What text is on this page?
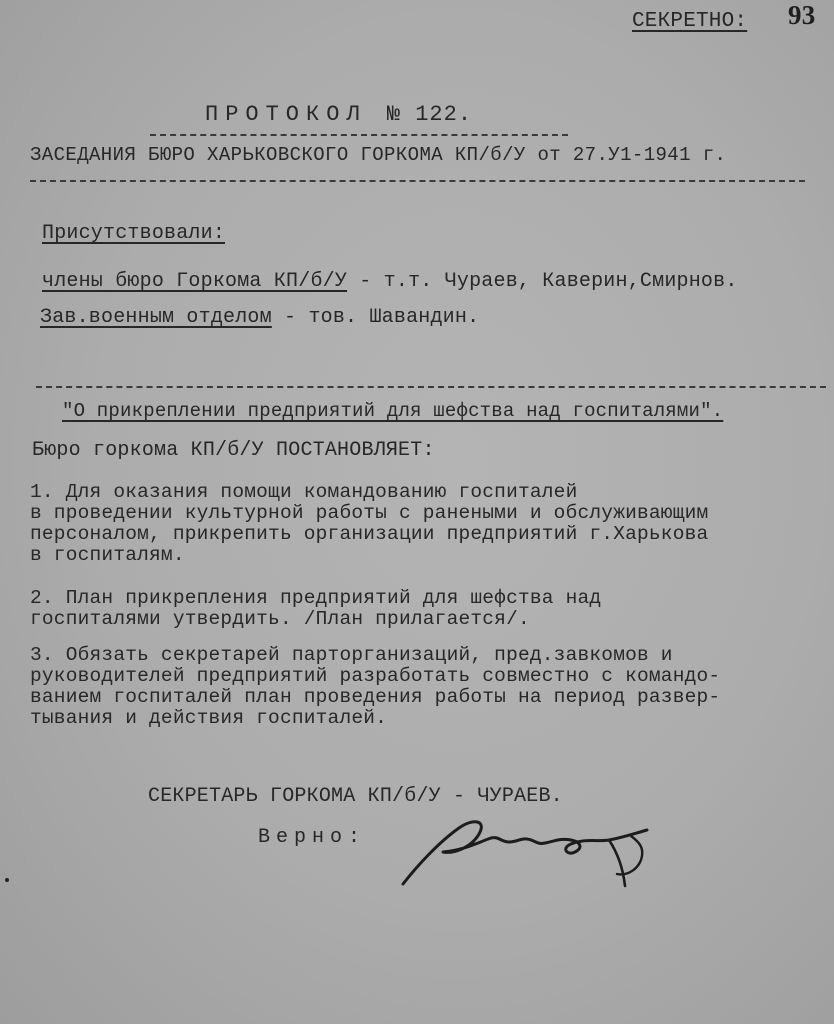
СЕКРЕТНО: 93
ПРОТОКОЛ № 122.
ЗАСЕДАНИЯ БЮРО ХАРЬКОВСКОГО ГОРКОМА КП/б/У от 27.У1-1941 г.
Присутствовали:
члены бюро Горкома КП/б/У - т.т. Чураев, Каверин,Смирнов.
Зав.военным отделом - тов. Шавандин.
"О прикреплении предприятий для шефства над госпиталями".
Бюро горкома КП/б/У ПОСТАНОВЛЯЕТ:
1. Для оказания помощи командованию госпиталей
в проведении культурной работы с ранеными и обслуживающим
персоналом, прикрепить организации предприятий г.Харькова
в госпиталям.
2. План прикрепления предприятий для шефства над
госпиталями утвердить. /План прилагается/.
3. Обязать секретарей парторганизаций, пред.завкомов и
руководителей предприятий разработать совместно с командо-
ванием госпиталей план проведения работы на период развер-
тывания и действия госпиталей.
СЕКРЕТАРЬ ГОРКОМА КП/б/У - ЧУРАЕВ.
Верно:
